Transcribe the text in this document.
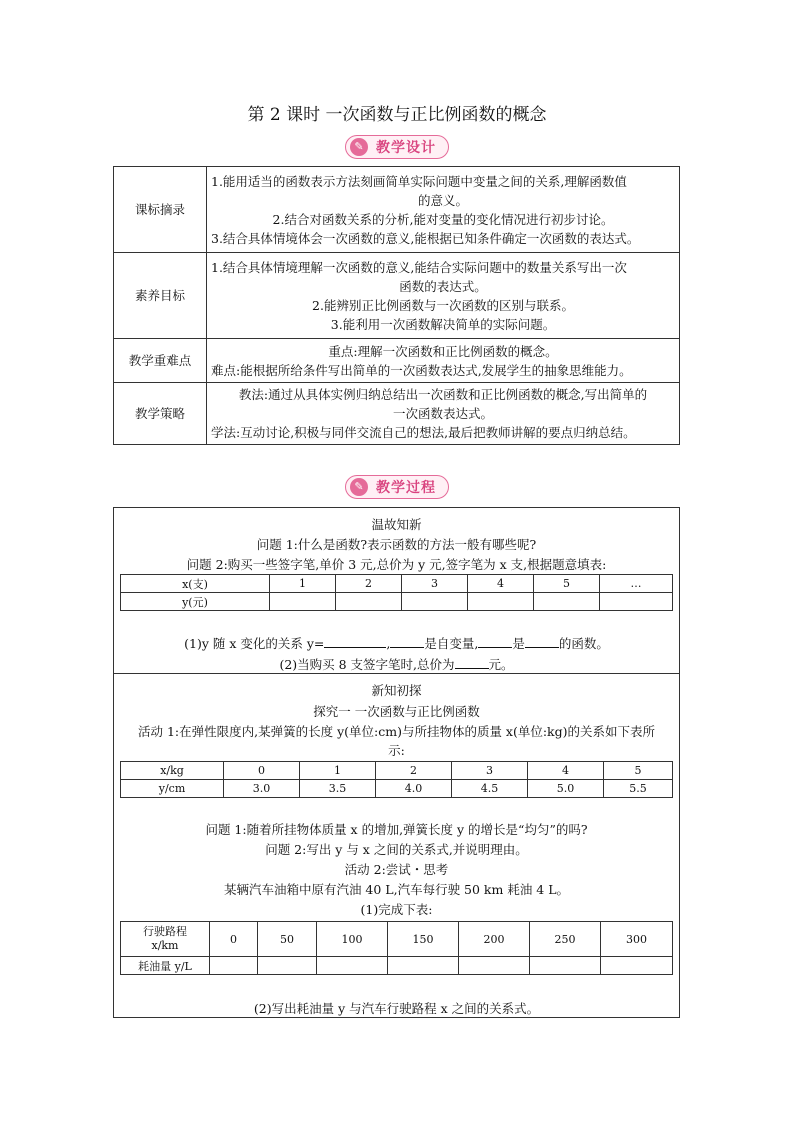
第 2 课时 一次函数与正比例函数的概念
✎ 教学设计
课标摘录	1.能用适当的函数表示方法刻画简单实际问题中变量之间的关系,理解函数值
的意义。
2.结合对函数关系的分析,能对变量的变化情况进行初步讨论。
3.结合具体情境体会一次函数的意义,能根据已知条件确定一次函数的表达式。

素养目标	1.结合具体情境理解一次函数的意义,能结合实际问题中的数量关系写出一次
函数的表达式。
2.能辨别正比例函数与一次函数的区别与联系。
3.能利用一次函数解决简单的实际问题。

教学重难点	重点:理解一次函数和正比例函数的概念。
难点:能根据所给条件写出简单的一次函数表达式,发展学生的抽象思维能力。

教学策略	教法:通过从具体实例归纳总结出一次函数和正比例函数的概念,写出简单的
一次函数表达式。
学法:互动讨论,积极与同伴交流自己的想法,最后把教师讲解的要点归纳总结。
✎ 教学过程
温故知新
问题 1:什么是函数?表示函数的方法一般有哪些呢?
问题 2:购买一些签字笔,单价 3 元,总价为 y 元,签字笔为 x 支,根据题意填表:
x(支)	1	2	3	4	5	…
y(元)						
(1)y 随 x 变化的关系 y=	,	是自变量,	是	的函数。
(2)当购买 8 支签字笔时,总价为	元。
新知初探
探究一 一次函数与正比例函数
活动 1:在弹性限度内,某弹簧的长度 y(单位:cm)与所挂物体的质量 x(单位:kg)的关系如下表所
示:
x/kg	0	1	2	3	4	5
y/cm	3.0	3.5	4.0	4.5	5.0	5.5
问题 1:随着所挂物体质量 x 的增加,弹簧长度 y 的增长是“均匀”的吗?
问题 2:写出 y 与 x 之间的关系式,并说明理由。
活动 2:尝试・思考
某辆汽车油箱中原有汽油 40 L,汽车每行驶 50 km 耗油 4 L。
(1)完成下表:
行驶路程
x/km	0	50	100	150	200	250	300
耗油量 y/L							
(2)写出耗油量 y 与汽车行驶路程 x 之间的关系式。
